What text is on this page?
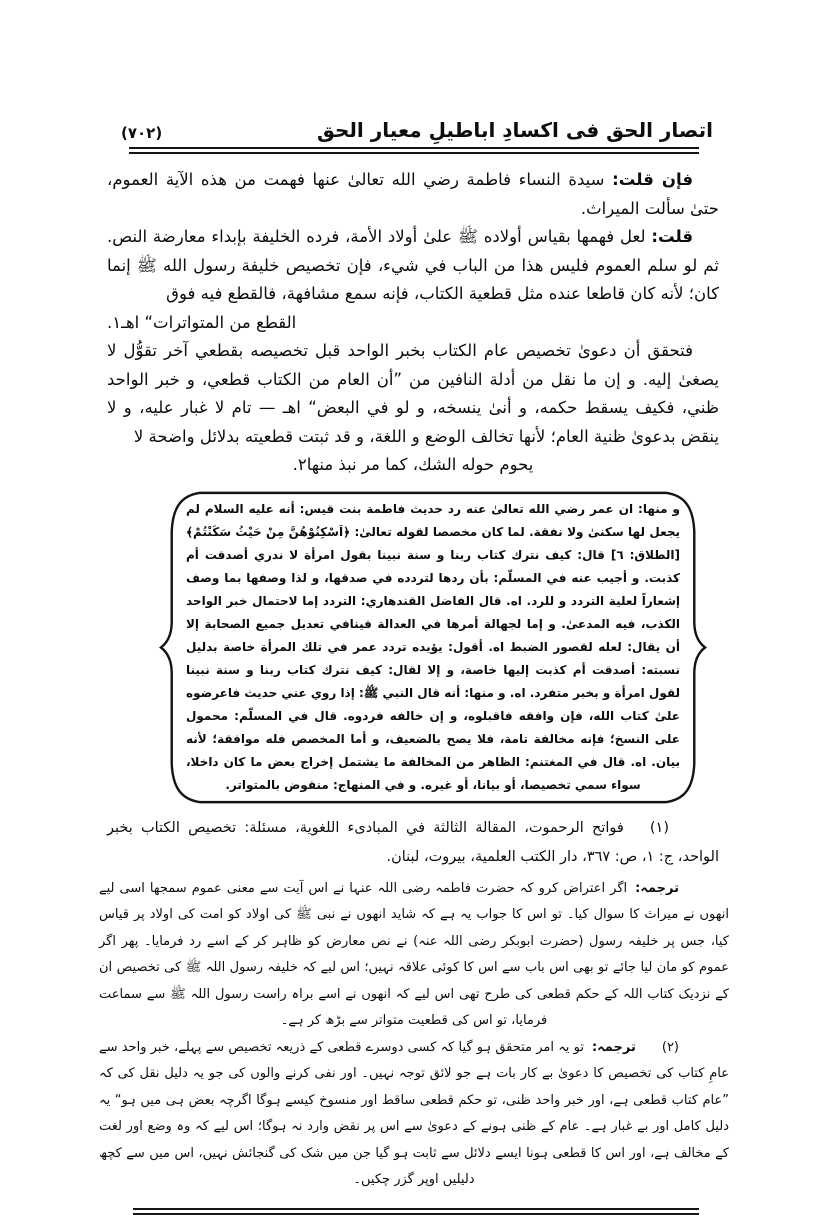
اتصار الحق فی اکسادِ اباطیلِ معیار الحق
(٧٠٢)

فإن قلت: سيدة النساء فاطمة رضي الله تعالىٰ عنها فهمت من هذه الآية العموم، حتىٰ سألت الميراث.

قلت: لعل فهمها بقياس أولاده ﷺ علىٰ أولاد الأمة، فرده الخليفة بإبداء معارضة النص. ثم لو سلم العموم فليس هذا من الباب في شيء، فإن تخصيص خليفة رسول الله ﷺ إنما كان؛ لأنه كان قاطعا عنده مثل قطعية الكتاب، فإنه سمع مشافهة، فالقطع فيه فوق

القطع من المتواترات“ اهـ١.

فتحقق أن دعوىٰ تخصيص عام الكتاب بخبر الواحد قبل تخصيصه بقطعي آخر تقوُّل لا يصغىٰ إليه. و إن ما نقل من أدلة النافين من ”أن العام من الكتاب قطعي، و خبر الواحد ظني، فكيف يسقط حكمه، و أنىٰ ينسخه، و لو في البعض“ اهـ — تام لا غبار عليه، و لا ينقض بدعوىٰ ظنية العام؛ لأنها تخالف الوضع و اللغة، و قد ثبتت قطعيته بدلائل واضحة لا

يحوم حوله الشك، كما مر نبذ منها٢.
و منها: ان عمر رضي الله تعالىٰ عنه رد حديث فاطمة بنت قيس: أنه عليه السلام لم يجعل لها سكنىٰ ولا نفقة. لما كان مخصصا لقوله تعالىٰ: ﴿اَسْكِنُوْهُنَّ مِنْ حَيْثُ سَكَنْتُمْ﴾ [الطلاق: ٦] قال: كيف نترك كتاب ربنا و سنة نبينا بقول امرأة لا ندري أصدقت أم كذبت. و أجيب عنه في المسلّم: بأن ردها لتردده في صدقها، و لذا وصفها بما وصف إشعاراً لعلية التردد و للرد. اه. قال الفاضل القندهاري: التردد إما لاحتمال خبر الواحد الكذب، فيه المدعىٰ. و إما لجهالة أمرها في العدالة فينافي تعديل جميع الصحابة إلا أن يقال: لعله لقصور الضبط اه. أقول: يؤيده تردد عمر في تلك المرأة خاصة بدليل نسبته: أصدقت أم كذبت إليها خاصة، و إلا لقال: كيف نترك كتاب ربنا و سنة نبينا لقول امرأة و بخبر متفرد. اه. و منها: أنه قال النبي ﷺ: إذا روي عني حديث فاعرضوه علىٰ كتاب الله، فإن وافقه فاقبلوه، و إن خالفه فردوه. قال في المسلّم: محمول على النسخ؛ فإنه مخالفة تامة، فلا يصح بالضعيف، و أما المخصص فله موافقة؛ لأنه بيان. اه. قال في المغتنم: الظاهر من المخالفة ما يشتمل إخراج بعض ما كان داخلا، سواء سمي تخصيصا، أو بيانا، أو غيره. و في المنهاج: منقوض بالمتواتر.

(١)فواتح الرحموت، المقالة الثالثة في المبادىء اللغوية، مسئلة: تخصيص الكتاب بخبر الواحد، ج: ١، ص: ٣٦٧، دار الكتب العلمية، بيروت، لبنان.

ترجمہ:اگر اعتراض کرو کہ حضرت فاطمہ رضی اللہ عنہا نے اس آیت سے معنی عموم سمجھا اسی لیے انھوں نے میراث کا سوال کیا۔ تو اس کا جواب یہ ہے کہ شاید انھوں نے نبی ﷺ کی اولاد کو امت کی اولاد پر قیاس کیا، جس پر خلیفہ رسول (حضرت ابوبکر رضی اللہ عنہ) نے نص معارض کو ظاہر کر کے اسے رد فرمایا۔ پھر اگر عموم کو مان لیا جائے تو بھی اس باب سے اس کا کوئی علاقہ نہیں؛ اس لیے کہ خلیفہ رسول اللہ ﷺ کی تخصیص ان کے نزدیک کتاب اللہ کے حکم قطعی کی طرح تھی اس لیے کہ انھوں نے اسے براہ راست رسول اللہ ﷺ سے سماعت فرمایا، تو اس کی قطعیت متواتر سے بڑھ کر ہے۔

(٢)ترجمہ:تو یہ امر متحقق ہو گیا کہ کسی دوسرے قطعی کے ذریعہ تخصیص سے پہلے، خبر واحد سے عامِ کتاب کی تخصیص کا دعویٰ بے کار بات ہے جو لائق توجہ نہیں۔ اور نفی کرنے والوں کی جو یہ دلیل نقل کی کہ ”عام کتاب قطعی ہے، اور خبر واحد ظنی، تو حکم قطعی ساقط اور منسوخ کیسے ہوگا اگرچہ بعض ہی میں ہو“ یہ دلیل کامل اور بے غبار ہے۔ عام کے ظنی ہونے کے دعویٰ سے اس پر نقض وارد نہ ہوگا؛ اس لیے کہ وہ وضع اور لغت کے مخالف ہے، اور اس کا قطعی ہونا ایسے دلائل سے ثابت ہو گیا جن میں شک کی گنجائش نہیں، اس میں سے کچھ دلیلیں اوپر گزر چکیں۔
